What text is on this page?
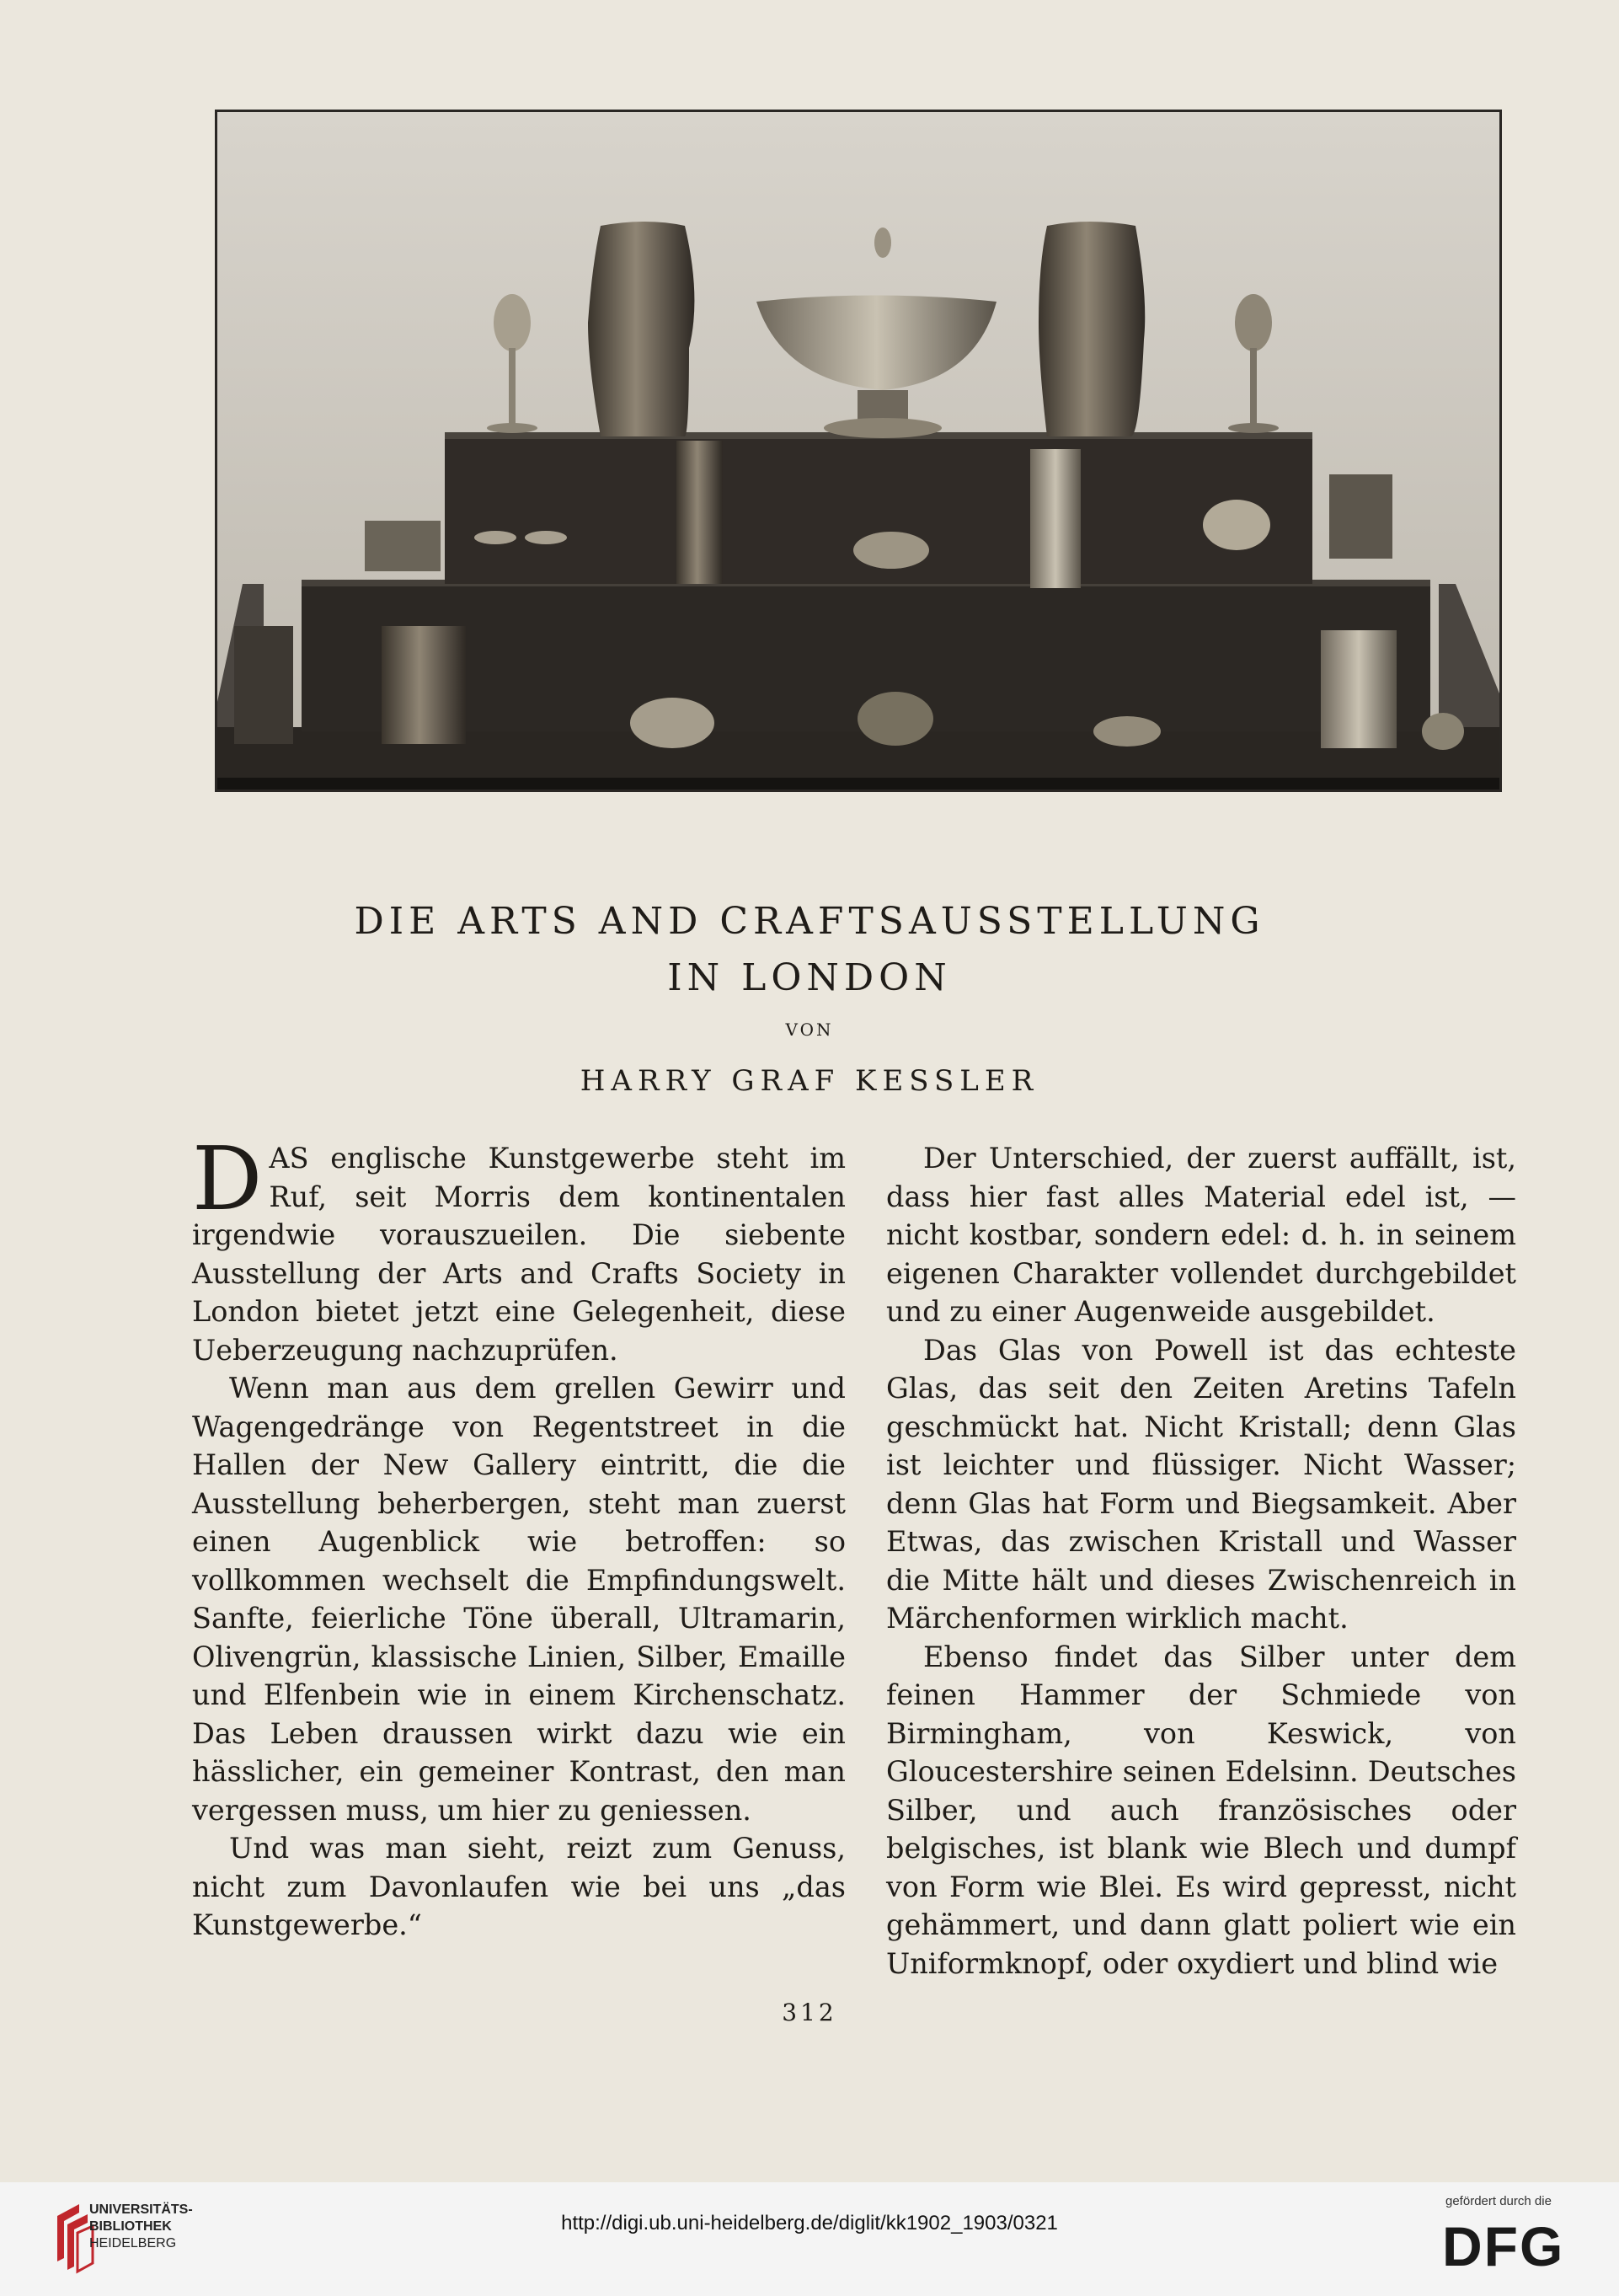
DIE ARTS AND CRAFTSAUSSTELLUNG
IN LONDON
VON
HARRY GRAF KESSLER

DAS englische Kunstgewerbe steht im Ruf, seit Morris dem kontinentalen irgendwie vorauszueilen. Die siebente Ausstellung der Arts and Crafts Society in London bietet jetzt eine Gelegenheit, diese Ueberzeugung nachzuprüfen.

Wenn man aus dem grellen Gewirr und Wagengedränge von Regentstreet in die Hallen der New Gallery eintritt, die die Ausstellung beherbergen, steht man zuerst einen Augenblick wie betroffen: so vollkommen wechselt die Empfindungswelt. Sanfte, feierliche Töne überall, Ultramarin, Olivengrün, klassische Linien, Silber, Emaille und Elfenbein wie in einem Kirchenschatz. Das Leben draussen wirkt dazu wie ein hässlicher, ein gemeiner Kontrast, den man vergessen muss, um hier zu geniessen.

Und was man sieht, reizt zum Genuss, nicht zum Davonlaufen wie bei uns „das Kunstgewerbe.“

Der Unterschied, der zuerst auffällt, ist, dass hier fast alles Material edel ist, — nicht kostbar, sondern edel: d. h. in seinem eigenen Charakter vollendet durchgebildet und zu einer Augenweide ausgebildet.

Das Glas von Powell ist das echteste Glas, das seit den Zeiten Aretins Tafeln geschmückt hat. Nicht Kristall; denn Glas ist leichter und flüssiger. Nicht Wasser; denn Glas hat Form und Biegsamkeit. Aber Etwas, das zwischen Kristall und Wasser die Mitte hält und dieses Zwischenreich in Märchenformen wirklich macht.

Ebenso findet das Silber unter dem feinen Hammer der Schmiede von Birmingham, von Keswick, von Gloucestershire seinen Edelsinn. Deutsches Silber, und auch französisches oder belgisches, ist blank wie Blech und dumpf von Form wie Blei. Es wird gepresst, nicht gehämmert, und dann glatt poliert wie ein Uniformknopf, oder oxydiert und blind wie

312
UNIVERSITÄTS-
BIBLIOTHEK
HEIDELBERG
http://digi.ub.uni-heidelberg.de/diglit/kk1902_1903/0321
gefördert durch die
DFG
